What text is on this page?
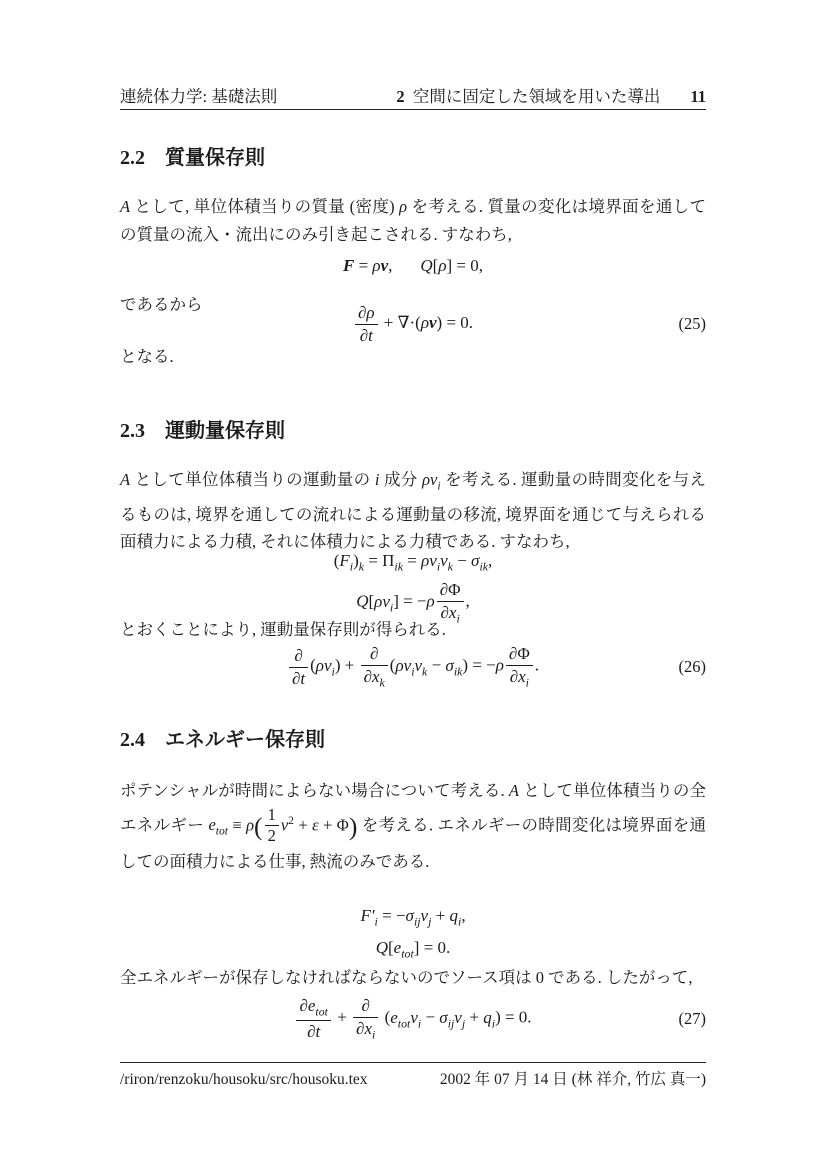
連続体力学: 基礎法則	2 空間に固定した領域を用いた導出 11
2.2 質量保存則

A として, 単位体積当りの質量 (密度) ρ を考える. 質量の変化は境界面を通しての質量の流入・流出にのみ引き起こされる. すなわち,

F = ρv, Q[ρ] = 0,

であるから	$\frac{\partial\rho}{\partial t} + \nabla\cdot(\rho v) = 0$.	(25)

となる.

2.3 運動量保存則

A として単位体積当りの運動量の i 成分 $\rho v_i$ を考える. 運動量の時間変化を与えるものは, 境界を通しての流れによる運動量の移流, 境界面を通じて与えられる面積力による力積, それに体積力による力積である. すなわち,

$(F_i)_k = \Pi_{ik} = \rho v_iv_k - \sigma_{ik}$,
$Q[\rho v_i] = -\rho \frac{\partial\Phi}{\partial x_i}$ ,

とおくことにより, 運動量保存則が得られる.

$\frac{\partial}{\partial t} (\rho v_i) + \frac{\partial}{\partial x_k} (\rho v_iv_k - \sigma_{ik}) = -\rho \frac{\partial\Phi}{\partial x_i}$ .	(26)
2.4 エネルギー保存則

ポテンシャルが時間によらない場合について考える. A として単位体積当りの全エネルギー $e_{tot} \equiv \rho( \frac{1}{2} v^2 + \varepsilon + \Phi)$ を考える. エネルギーの時間変化は境界面を通しての面積力による仕事, 熱流のみである.

$F'_i = -\sigma_{ij}v_j + q_i$,
$Q[e_{tot}] = 0$.

全エネルギーが保存しなければならないのでソース項は 0 である. したがって,

$\frac{\partial e_{tot}}{\partial t} + \frac{\partial}{\partial x_i} (e_{tot}v_i - \sigma_{ij}v_j + q_i) = 0$.	(27)
/riron/renzoku/housoku/src/housoku.tex	2002 年 07 月 14 日 (林 祥介, 竹広 真一)
